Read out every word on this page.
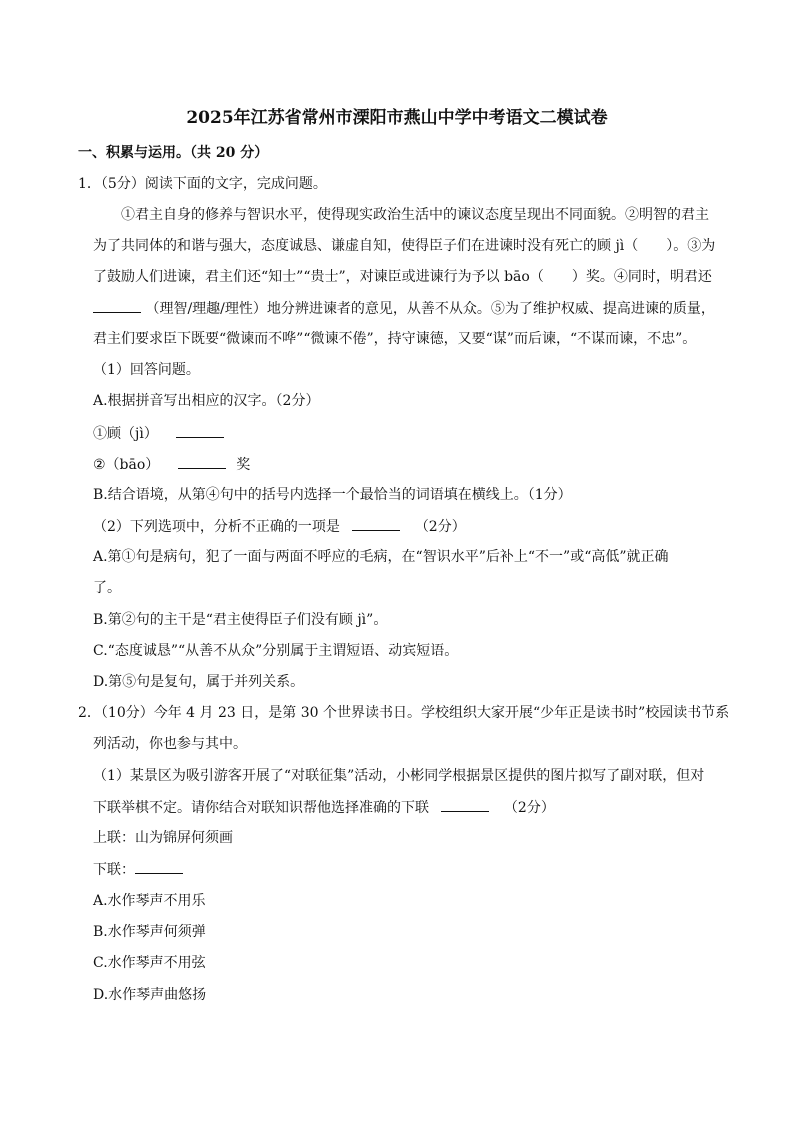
2025年江苏省常州市溧阳市燕山中学中考语文二模试卷
一、积累与运用。（共 20 分）
1．（5分）阅读下面的文字，完成问题。
①君主自身的修养与智识水平，使得现实政治生活中的谏议态度呈现出不同面貌。②明智的君主
为了共同体的和谐与强大，态度诚恳、谦虚自知，使得臣子们在进谏时没有死亡的顾 jì（　　）。③为
了鼓励人们进谏，君主们还“知士”“贵士”，对谏臣或进谏行为予以 bāo（　　）奖。④同时，明君还
（理智/理趣/理性）地分辨进谏者的意见，从善不从众。⑤为了维护权威、提高进谏的质量，
君主们要求臣下既要“微谏而不哗”“微谏不倦”，持守谏德，又要“谋”而后谏，“不谋而谏，不忠”。
（1）回答问题。
A.根据拼音写出相应的汉字。（2分）
①顾（jì）
②（bāo）	奖
B.结合语境，从第④句中的括号内选择一个最恰当的词语填在横线上。（1分）
（2）下列选项中，分析不正确的一项是	（2分）
A.第①句是病句，犯了一面与两面不呼应的毛病，在“智识水平”后补上“不一”或“高低”就正确
了。
B.第②句的主干是“君主使得臣子们没有顾 jì”。
C.“态度诚恳”“从善不从众”分别属于主谓短语、动宾短语。
D.第⑤句是复句，属于并列关系。
2．（10分）今年 4 月 23 日，是第 30 个世界读书日。学校组织大家开展“少年正是读书时”校园读书节系
列活动，你也参与其中。
（1）某景区为吸引游客开展了“对联征集”活动，小彬同学根据景区提供的图片拟写了副对联，但对
下联举棋不定。请你结合对联知识帮他选择准确的下联	（2分）
上联：山为锦屏何须画
下联：
A.水作琴声不用乐
B.水作琴声何须弹
C.水作琴声不用弦
D.水作琴声曲悠扬
